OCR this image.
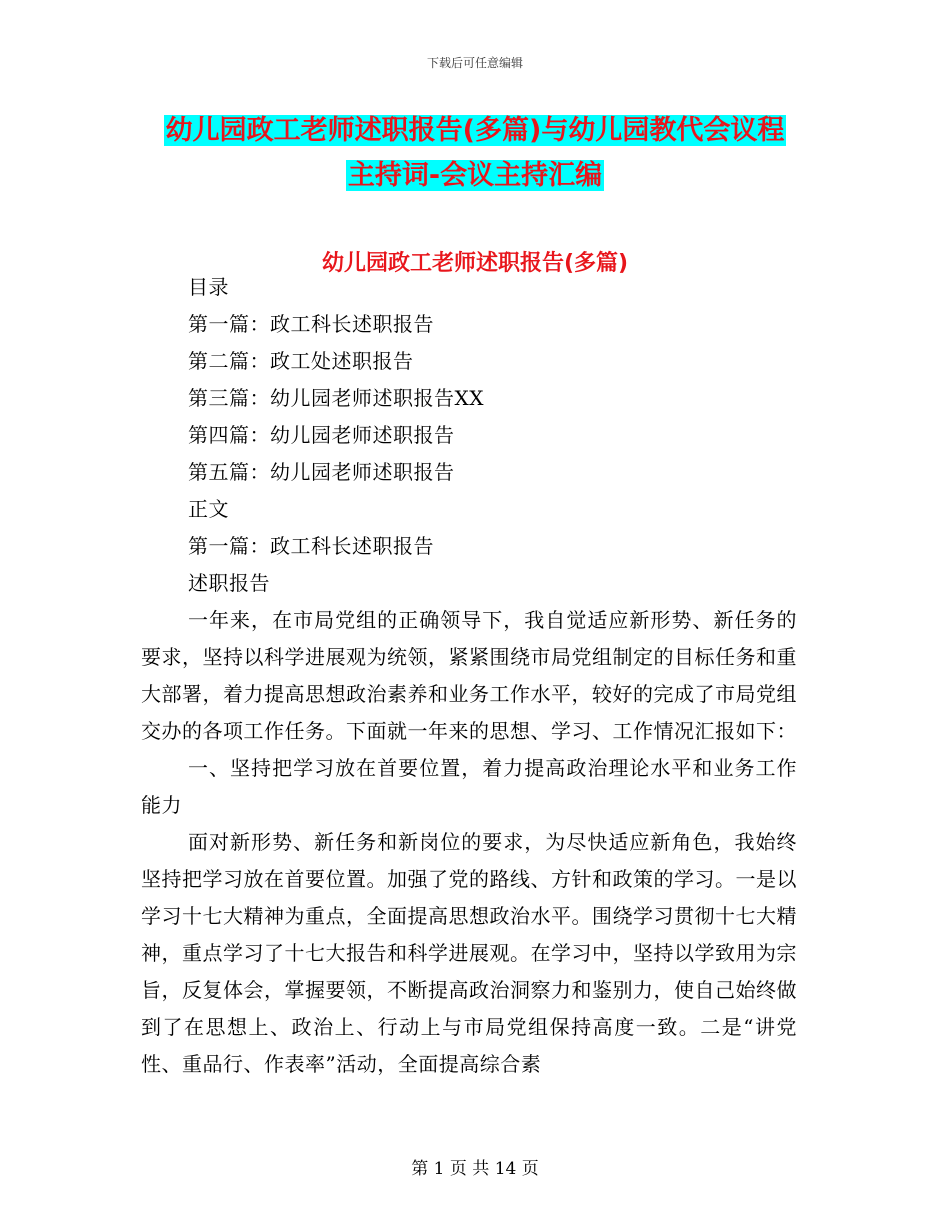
下载后可任意编辑
幼儿园政工老师述职报告(多篇)与幼儿园教代会议程
主持词-会议主持汇编
幼儿园政工老师述职报告(多篇)

目录

第一篇：政工科长述职报告

第二篇：政工处述职报告

第三篇：幼儿园老师述职报告XX

第四篇：幼儿园老师述职报告

第五篇：幼儿园老师述职报告

正文

第一篇：政工科长述职报告

述职报告

一年来，在市局党组的正确领导下，我自觉适应新形势、新任务的要求，坚持以科学进展观为统领，紧紧围绕市局党组制定的目标任务和重大部署，着力提高思想政治素养和业务工作水平，较好的完成了市局党组交办的各项工作任务。下面就一年来的思想、学习、工作情况汇报如下：

一、坚持把学习放在首要位置，着力提高政治理论水平和业务工作能力

面对新形势、新任务和新岗位的要求，为尽快适应新角色，我始终坚持把学习放在首要位置。加强了党的路线、方针和政策的学习。一是以学习十七大精神为重点，全面提高思想政治水平。围绕学习贯彻十七大精神，重点学习了十七大报告和科学进展观。在学习中，坚持以学致用为宗旨，反复体会，掌握要领，不断提高政治洞察力和鉴别力，使自己始终做到了在思想上、政治上、行动上与市局党组保持高度一致。二是“讲党性、重品行、作表率”活动，全面提高综合素

第 1 页 共 14 页
